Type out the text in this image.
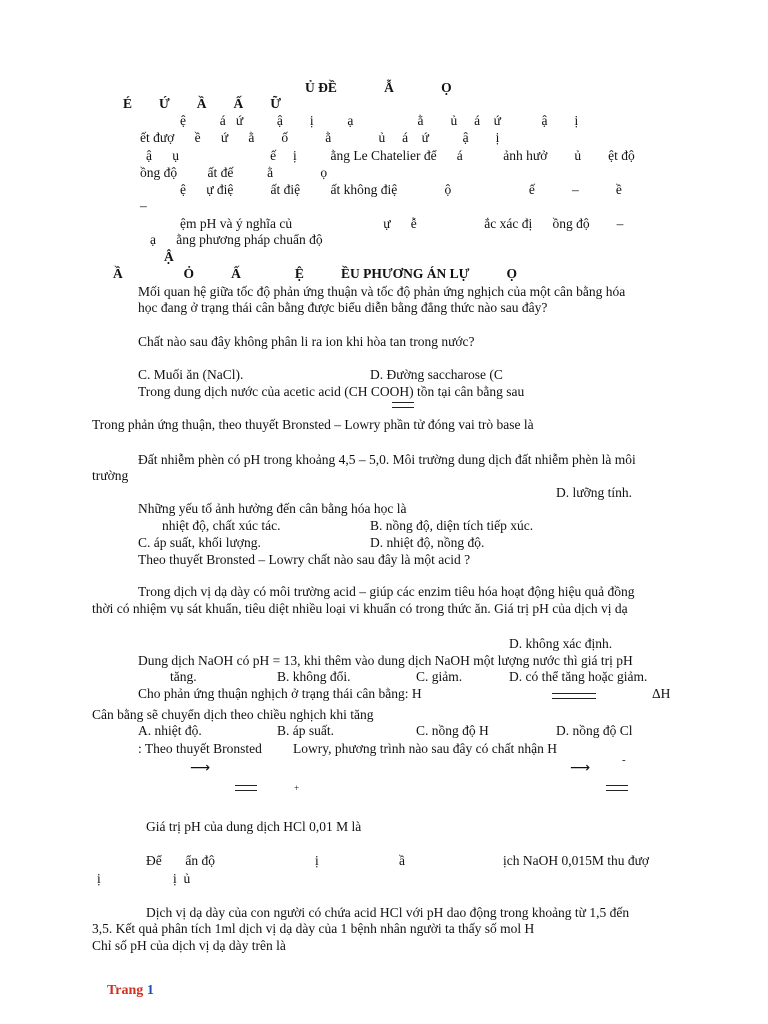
Ủ ĐỀ              Ẫ              Ọ
É        Ứ        Ầ        Ấ        Ữ
ệ          á   ứ          ậ        ị          ạ                   ằ        ủ     á    ứ            ậ        ị
ết đượ      ề      ứ      ằ        ố           ằ              ủ     á    ứ          ậ        ị
ậ      ụ                           ế     ị          ằng Le Chatelier để      á            ảnh hưở        ủ        ệt độ
ồng độ         ất đế          ằ              ọ
ệ      ự điệ           ất điệ         ất không điệ              ộ                       ế           –           ề
–
ệm pH và ý nghĩa củ                           ự      ễ                    ắc xác đị      ồng độ        –
ạ      ằng phương pháp chuẩn độ
Ậ
Ầ                  Ỏ           Ấ                Ệ           ỀU PHƯƠNG ÁN LỰ           Ọ
Mối quan hệ giữa tốc độ phản ứng thuận và tốc độ phản ứng nghịch của một cân bằng hóa
học đang ở trạng thái cân bằng được biểu diễn bằng đẳng thức nào sau đây?
Chất nào sau đây không phân li ra ion khi hòa tan trong nước?
C. Muối ăn (NaCl).	D. Đường saccharose (C
Trong dung dịch nước của acetic acid (CH COOH) tồn tại cân bằng sau
Trong phản ứng thuận, theo thuyết Bronsted – Lowry phần tử đóng vai trò base là
Đất nhiễm phèn có pH trong khoảng 4,5 – 5,0. Môi trường dung dịch đất nhiễm phèn là môi
trường
D. lưỡng tính.
Những yếu tố ảnh hưởng đến cân bằng hóa học là
nhiệt độ, chất xúc tác.	B. nồng độ, diện tích tiếp xúc.
C. áp suất, khối lượng.	D. nhiệt độ, nồng độ.
Theo thuyết Bronsted – Lowry chất nào sau đây là một acid ?
Trong dịch vị dạ dày có môi trường acid – giúp các enzim tiêu hóa hoạt động hiệu quả đồng
thời có nhiệm vụ sát khuẩn, tiêu diệt nhiều loại vi khuẩn có trong thức ăn. Giá trị pH của dịch vị dạ
D. không xác định.
Dung dịch NaOH có pH = 13, khi thêm vào dung dịch NaOH một lượng nước thì giá trị pH
tăng.	B. không đổi.	C. giảm.	D. có thể tăng hoặc giảm.
Cho phản ứng thuận nghịch ở trạng thái cân bằng: H	ΔH
Cân bằng sẽ chuyển dịch theo chiều nghịch khi tăng
A. nhiệt độ.	B. áp suất.	C. nồng độ H	D. nồng độ Cl
: Theo thuyết Bronsted Lowry, phương trình nào sau đây có chất nhận H
⟶	⟶	-
+
Giá trị pH của dung dịch HCl 0,01 M là
Để       ẩn độ	ị	ầ	ịch NaOH 0,015M thu đượ
ị	ị  ủ
Dịch vị dạ dày của con người có chứa acid HCl với pH dao động trong khoảng từ 1,5 đến
3,5. Kết quả phân tích 1ml dịch vị dạ dày của 1 bệnh nhân người ta thấy số mol H
Chỉ số pH của dịch vị dạ dày trên là
Trang 1
